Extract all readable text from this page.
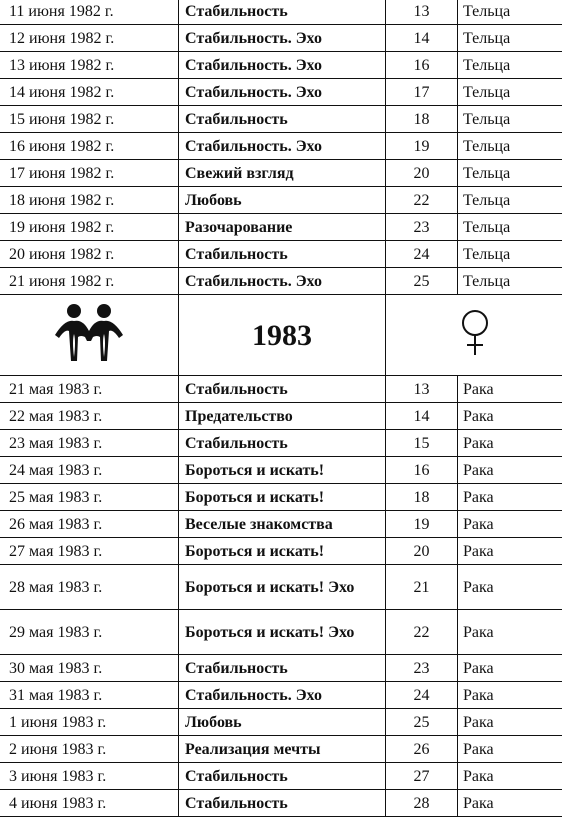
11 июня 1982 г.	Стабильность	13	Тельца
12 июня 1982 г.	Стабильность. Эхо	14	Тельца
13 июня 1982 г.	Стабильность. Эхо	16	Тельца
14 июня 1982 г.	Стабильность. Эхо	17	Тельца
15 июня 1982 г.	Стабильность	18	Тельца
16 июня 1982 г.	Стабильность. Эхо	19	Тельца
17 июня 1982 г.	Свежий взгляд	20	Тельца
18 июня 1982 г.	Любовь	22	Тельца
19 июня 1982 г.	Разочарование	23	Тельца
20 июня 1982 г.	Стабильность	24	Тельца
21 июня 1982 г.	Стабильность. Эхо	25	Тельца
	1983	
21 мая 1983 г.	Стабильность	13	Рака
22 мая 1983 г.	Предательство	14	Рака
23 мая 1983 г.	Стабильность	15	Рака
24 мая 1983 г.	Бороться и искать!	16	Рака
25 мая 1983 г.	Бороться и искать!	18	Рака
26 мая 1983 г.	Веселые знакомства	19	Рака
27 мая 1983 г.	Бороться и искать!	20	Рака
28 мая 1983 г.	Бороться и искать! Эхо	21	Рака
29 мая 1983 г.	Бороться и искать! Эхо	22	Рака
30 мая 1983 г.	Стабильность	23	Рака
31 мая 1983 г.	Стабильность. Эхо	24	Рака
1 июня 1983 г.	Любовь	25	Рака
2 июня 1983 г.	Реализация мечты	26	Рака
3 июня 1983 г.	Стабильность	27	Рака
4 июня 1983 г.	Стабильность	28	Рака
